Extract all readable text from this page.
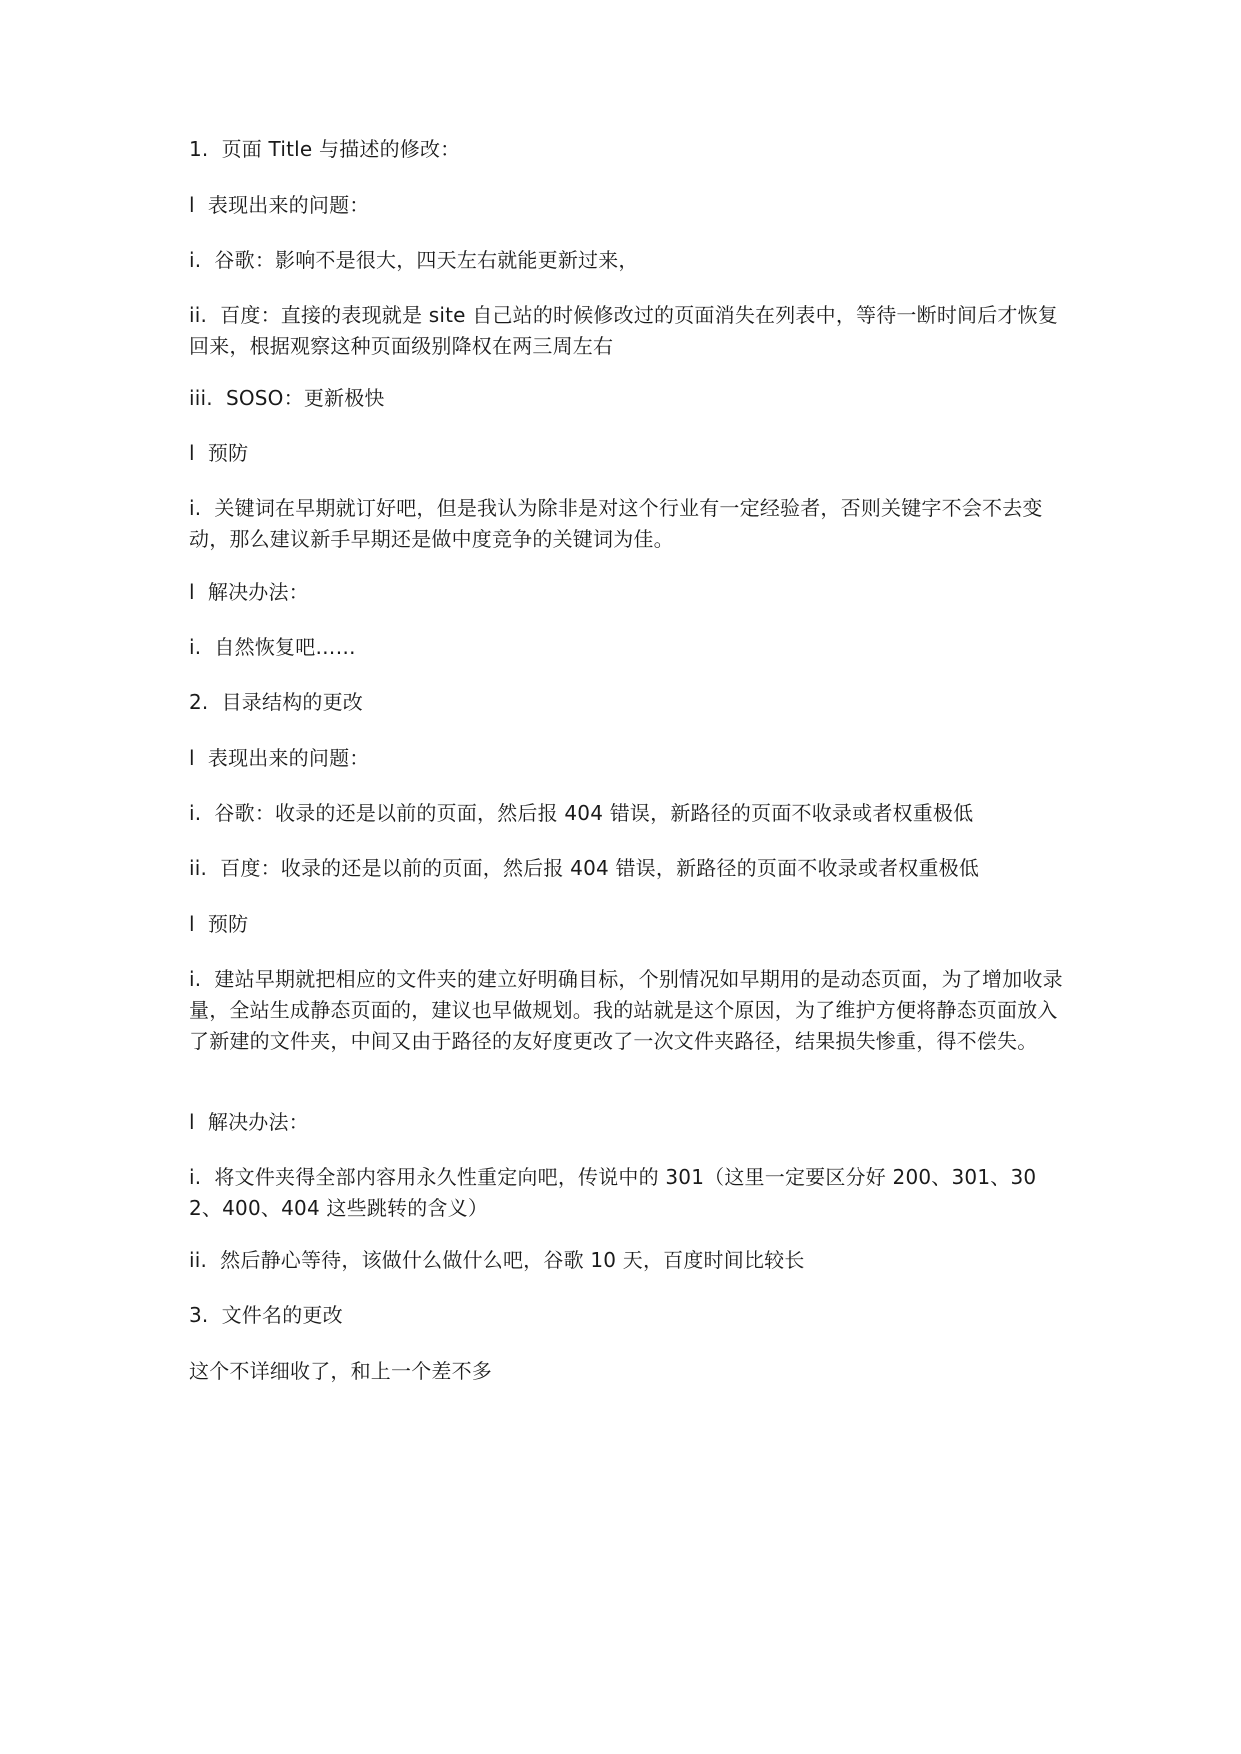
1.  页面 Title 与描述的修改：

l  表现出来的问题：

i.  谷歌：影响不是很大，四天左右就能更新过来，

ii.  百度：直接的表现就是 site 自己站的时候修改过的页面消失在列表中，等待一断时间后才恢复回来，根据观察这种页面级别降权在两三周左右

iii.  SOSO：更新极快

l  预防

i.  关键词在早期就订好吧，但是我认为除非是对这个行业有一定经验者，否则关键字不会不去变动，那么建议新手早期还是做中度竞争的关键词为佳。

l  解决办法：

i.  自然恢复吧……

2.  目录结构的更改

l  表现出来的问题：

i.  谷歌：收录的还是以前的页面，然后报 404 错误，新路径的页面不收录或者权重极低

ii.  百度：收录的还是以前的页面，然后报 404 错误，新路径的页面不收录或者权重极低

l  预防

i.  建站早期就把相应的文件夹的建立好明确目标，个别情况如早期用的是动态页面，为了增加收录量，全站生成静态页面的，建议也早做规划。我的站就是这个原因，为了维护方便将静态页面放入了新建的文件夹，中间又由于路径的友好度更改了一次文件夹路径，结果损失惨重，得不偿失。

l  解决办法：

i.  将文件夹得全部内容用永久性重定向吧，传说中的 301（这里一定要区分好 200、301、302、400、404 这些跳转的含义）

ii.  然后静心等待，该做什么做什么吧，谷歌 10 天，百度时间比较长

3.  文件名的更改

这个不详细收了，和上一个差不多
